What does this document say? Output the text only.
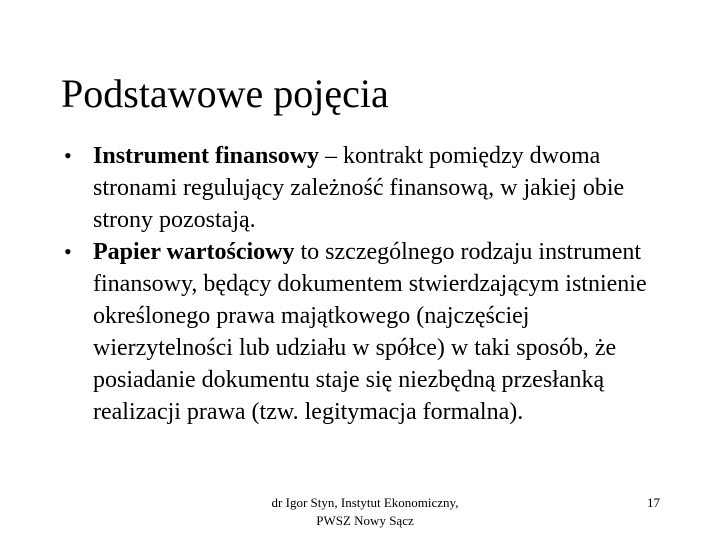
Podstawowe pojęcia
• Instrument finansowy – kontrakt pomiędzy dwoma stronami regulujący zależność finansową, w jakiej obie strony pozostają.
• Papier wartościowy to szczególnego rodzaju instrument finansowy, będący dokumentem stwierdzającym istnienie określonego prawa majątkowego (najczęściej wierzytelności lub udziału w spółce) w taki sposób, że posiadanie dokumentu staje się niezbędną przesłanką realizacji prawa (tzw. legitymacja formalna).
dr Igor Styn, Instytut Ekonomiczny,
PWSZ Nowy Sącz
17
